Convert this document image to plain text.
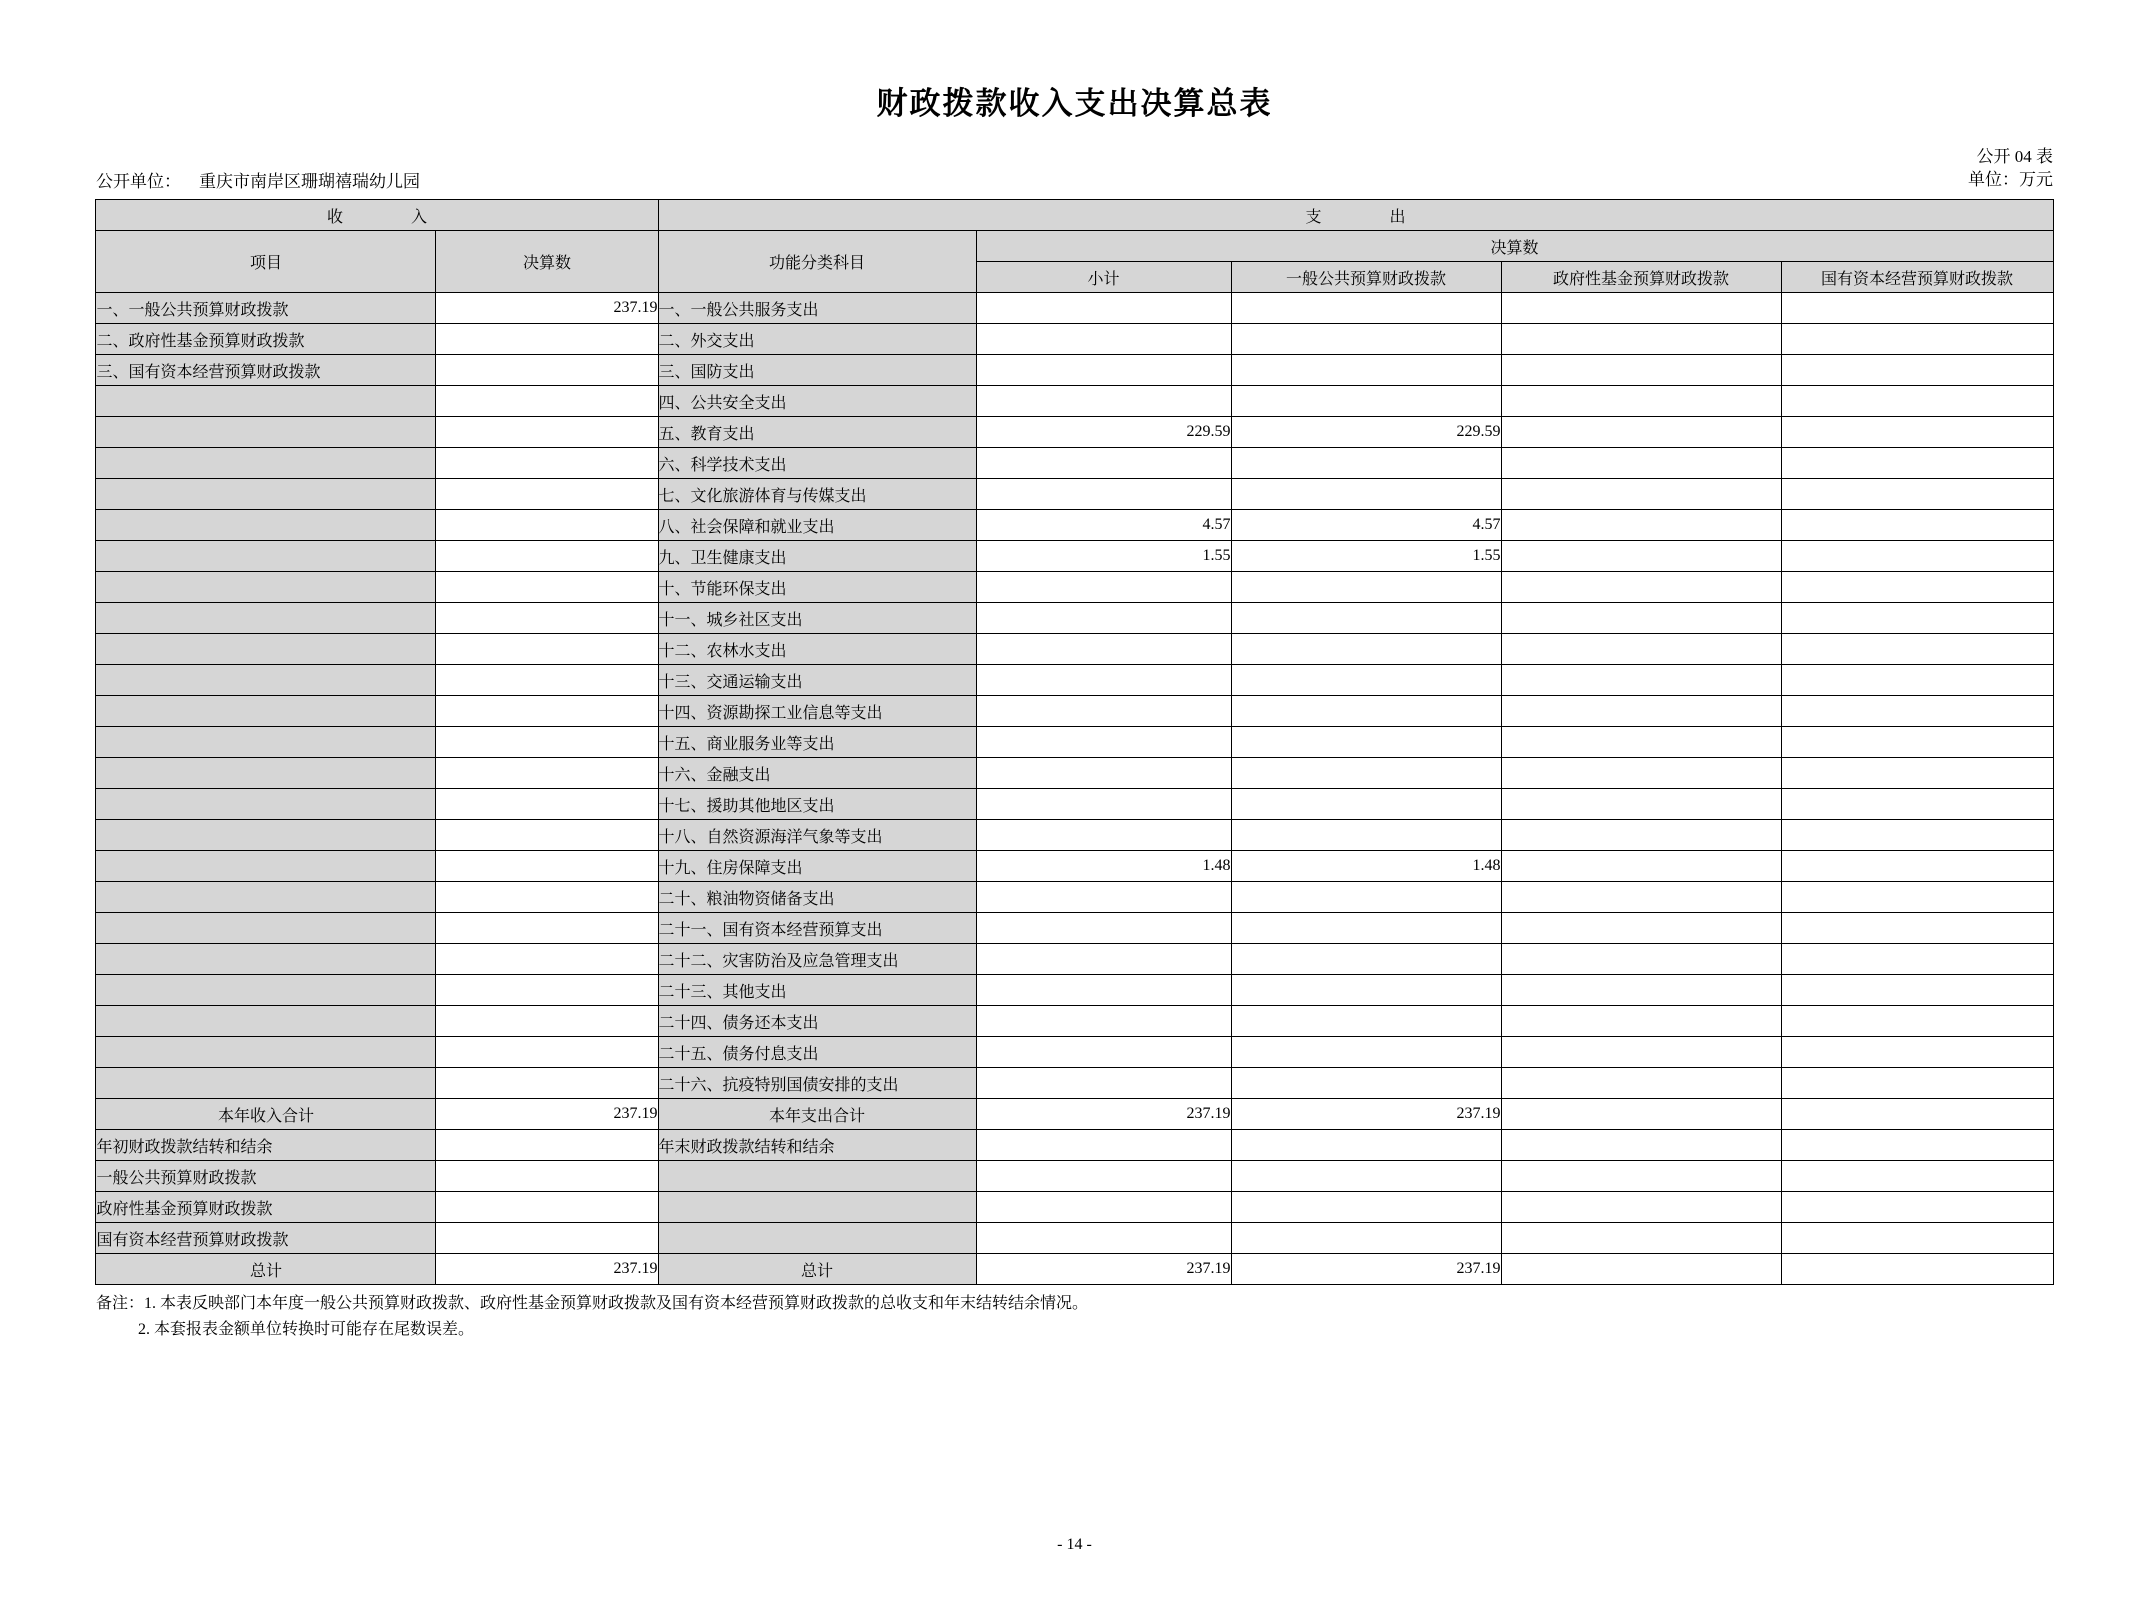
财政拨款收入支出决算总表
公开单位： 重庆市南岸区珊瑚禧瑞幼儿园
公开 04 表
单位：万元
收　　入		支　　出				
项目	决算数	功能分类科目	决算数			
			小计	一般公共预算财政拨款	政府性基金预算财政拨款	国有资本经营预算财政拨款
一、一般公共预算财政拨款	237.19	一、一般公共服务支出				
二、政府性基金预算财政拨款		二、外交支出				
三、国有资本经营预算财政拨款		三、国防支出				
		四、公共安全支出				
		五、教育支出	229.59	229.59		
		六、科学技术支出				
		七、文化旅游体育与传媒支出				
		八、社会保障和就业支出	4.57	4.57		
		九、卫生健康支出	1.55	1.55		
		十、节能环保支出				
		十一、城乡社区支出				
		十二、农林水支出				
		十三、交通运输支出				
		十四、资源勘探工业信息等支出				
		十五、商业服务业等支出				
		十六、金融支出				
		十七、援助其他地区支出				
		十八、自然资源海洋气象等支出				
		十九、住房保障支出	1.48	1.48		
		二十、粮油物资储备支出				
		二十一、国有资本经营预算支出				
		二十二、灾害防治及应急管理支出				
		二十三、其他支出				
		二十四、债务还本支出				
		二十五、债务付息支出				
		二十六、抗疫特别国债安排的支出				
本年收入合计	237.19	本年支出合计	237.19	237.19		
年初财政拨款结转和结余		年末财政拨款结转和结余				
一般公共预算财政拨款						
政府性基金预算财政拨款						
国有资本经营预算财政拨款						
总计	237.19	总计	237.19	237.19		
备注：1. 本表反映部门本年度一般公共预算财政拨款、政府性基金预算财政拨款及国有资本经营预算财政拨款的总收支和年末结转结余情况。
2. 本套报表金额单位转换时可能存在尾数误差。
- 14 -
